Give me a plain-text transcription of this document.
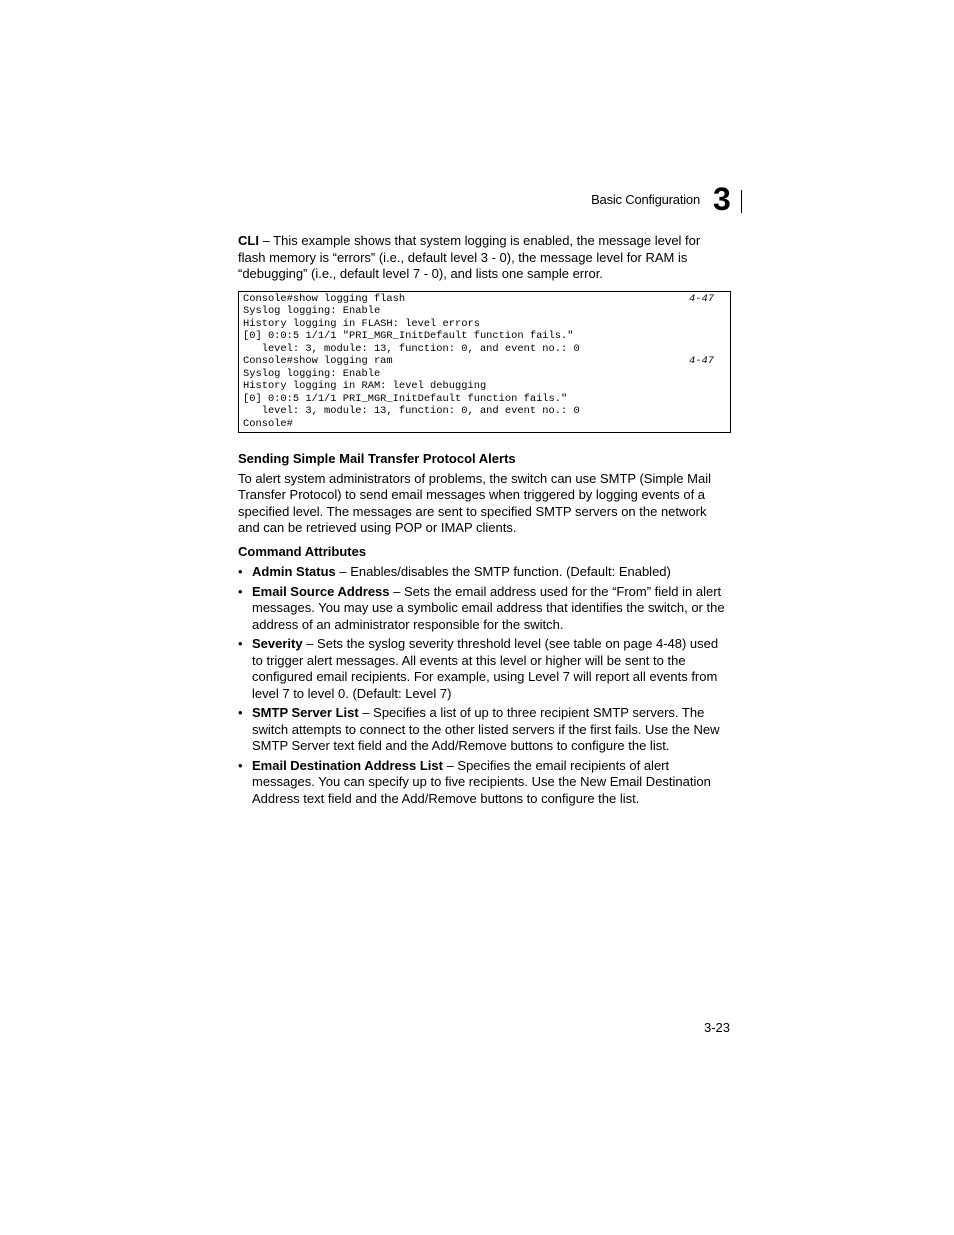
Basic Configuration 3

CLI – This example shows that system logging is enabled, the message level for flash memory is “errors” (i.e., default level 3 - 0), the message level for RAM is “debugging” (i.e., default level 7 - 0), and lists one sample error.

Console#show logging flash	4-47
Syslog logging: Enable
History logging in FLASH: level errors
[0] 0:0:5 1/1/1 "PRI_MGR_InitDefault function fails."
level: 3, module: 13, function: 0, and event no.: 0
Console#show logging ram	4-47
Syslog logging: Enable
History logging in RAM: level debugging
[0] 0:0:5 1/1/1 PRI_MGR_InitDefault function fails."
level: 3, module: 13, function: 0, and event no.: 0
Console#

Sending Simple Mail Transfer Protocol Alerts

To alert system administrators of problems, the switch can use SMTP (Simple Mail Transfer Protocol) to send email messages when triggered by logging events of a specified level. The messages are sent to specified SMTP servers on the network and can be retrieved using POP or IMAP clients.

Command Attributes

• Admin Status – Enables/disables the SMTP function. (Default: Enabled)
• Email Source Address – Sets the email address used for the “From” field in alert messages. You may use a symbolic email address that identifies the switch, or the address of an administrator responsible for the switch.
• Severity – Sets the syslog severity threshold level (see table on page 4-48) used to trigger alert messages. All events at this level or higher will be sent to the configured email recipients. For example, using Level 7 will report all events from level 7 to level 0. (Default: Level 7)
• SMTP Server List – Specifies a list of up to three recipient SMTP servers. The switch attempts to connect to the other listed servers if the first fails. Use the New SMTP Server text field and the Add/Remove buttons to configure the list.
• Email Destination Address List – Specifies the email recipients of alert messages. You can specify up to five recipients. Use the New Email Destination Address text field and the Add/Remove buttons to configure the list.
3-23
